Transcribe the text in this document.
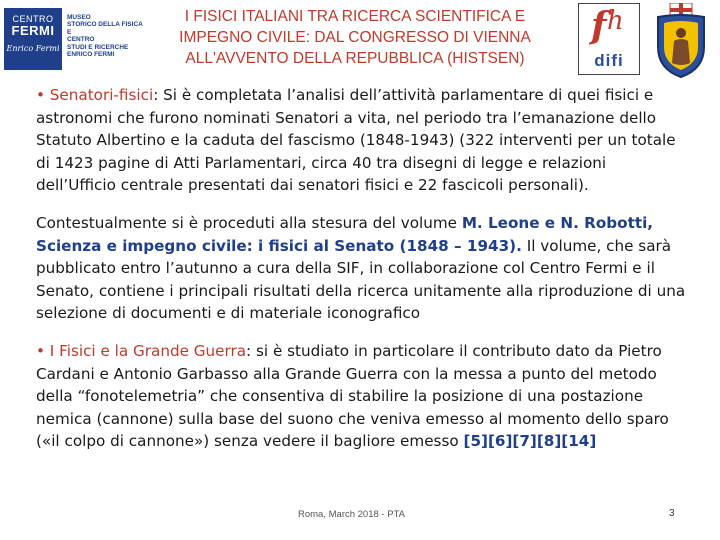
CENTRO
FERMI
Enrico Fermi
MUSEO
STORICO DELLA FISICA
E
CENTRO
STUDI E RICERCHE
ENRICO FERMI
I FISICI ITALIANI TRA RICERCA SCIENTIFICA E
IMPEGNO CIVILE: DAL CONGRESSO DI VIENNA
ALL'AVVENTO DELLA REPUBBLICA (HISTSEN)
f h
difi

• Senatori-fisici: Si è completata l’analisi dell’attività parlamentare di quei fisici e astronomi che furono nominati Senatori a vita, nel periodo tra l’emanazione dello Statuto Albertino e la caduta del fascismo (1848-1943) (322 interventi per un totale di 1423 pagine di Atti Parlamentari, circa 40 tra disegni di legge e relazioni dell’Ufficio centrale presentati dai senatori fisici e 22 fascicoli personali).

Contestualmente si è proceduti alla stesura del volume M. Leone e N. Robotti, Scienza e impegno civile: i fisici al Senato (1848 – 1943). Il volume, che sarà pubblicato entro l’autunno a cura della SIF, in collaborazione col Centro Fermi e il Senato, contiene i principali risultati della ricerca unitamente alla riproduzione di una selezione di documenti e di materiale iconografico

• I Fisici e la Grande Guerra: si è studiato in particolare il contributo dato da Pietro Cardani e Antonio Garbasso alla Grande Guerra con la messa a punto del metodo della “fonotelemetria” che consentiva di stabilire la posizione di una postazione nemica (cannone) sulla base del suono che veniva emesso al momento dello sparo («il colpo di cannone») senza vedere il bagliore emesso [5][6][7][8][14]

Roma, March 2018 - PTA	3
